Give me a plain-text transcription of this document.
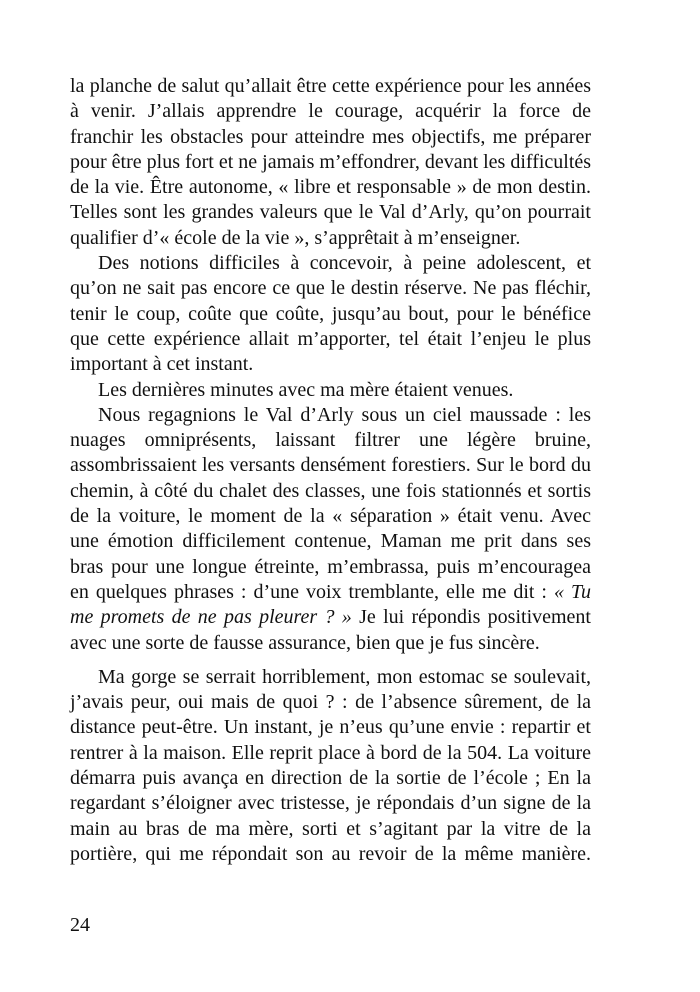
la planche de salut qu’allait être cette expérience pour les années
à venir. J’allais apprendre le courage, acquérir la force de
franchir les obstacles pour atteindre mes objectifs, me préparer
pour être plus fort et ne jamais m’effondrer, devant les difficultés
de la vie. Être autonome, « libre et responsable » de mon destin.
Telles sont les grandes valeurs que le Val d’Arly, qu’on pourrait
qualifier d’« école de la vie », s’apprêtait à m’enseigner.
Des notions difficiles à concevoir, à peine adolescent, et
qu’on ne sait pas encore ce que le destin réserve. Ne pas fléchir,
tenir le coup, coûte que coûte, jusqu’au bout, pour le bénéfice
que cette expérience allait m’apporter, tel était l’enjeu le plus
important à cet instant.
Les dernières minutes avec ma mère étaient venues.
Nous regagnions le Val d’Arly sous un ciel maussade : les
nuages omniprésents, laissant filtrer une légère bruine,
assombrissaient les versants densément forestiers. Sur le bord du
chemin, à côté du chalet des classes, une fois stationnés et sortis
de la voiture, le moment de la « séparation » était venu. Avec
une émotion difficilement contenue, Maman me prit dans ses
bras pour une longue étreinte, m’embrassa, puis m’encouragea
en quelques phrases : d’une voix tremblante, elle me dit : « Tu
me promets de ne pas pleurer ? » Je lui répondis positivement
avec une sorte de fausse assurance, bien que je fus sincère.
Ma gorge se serrait horriblement, mon estomac se soulevait,
j’avais peur, oui mais de quoi ? : de l’absence sûrement, de la
distance peut-être. Un instant, je n’eus qu’une envie : repartir et
rentrer à la maison. Elle reprit place à bord de la 504. La voiture
démarra puis avança en direction de la sortie de l’école ; En la
regardant s’éloigner avec tristesse, je répondais d’un signe de la
main au bras de ma mère, sorti et s’agitant par la vitre de la
portière, qui me répondait son au revoir de la même manière.
24
